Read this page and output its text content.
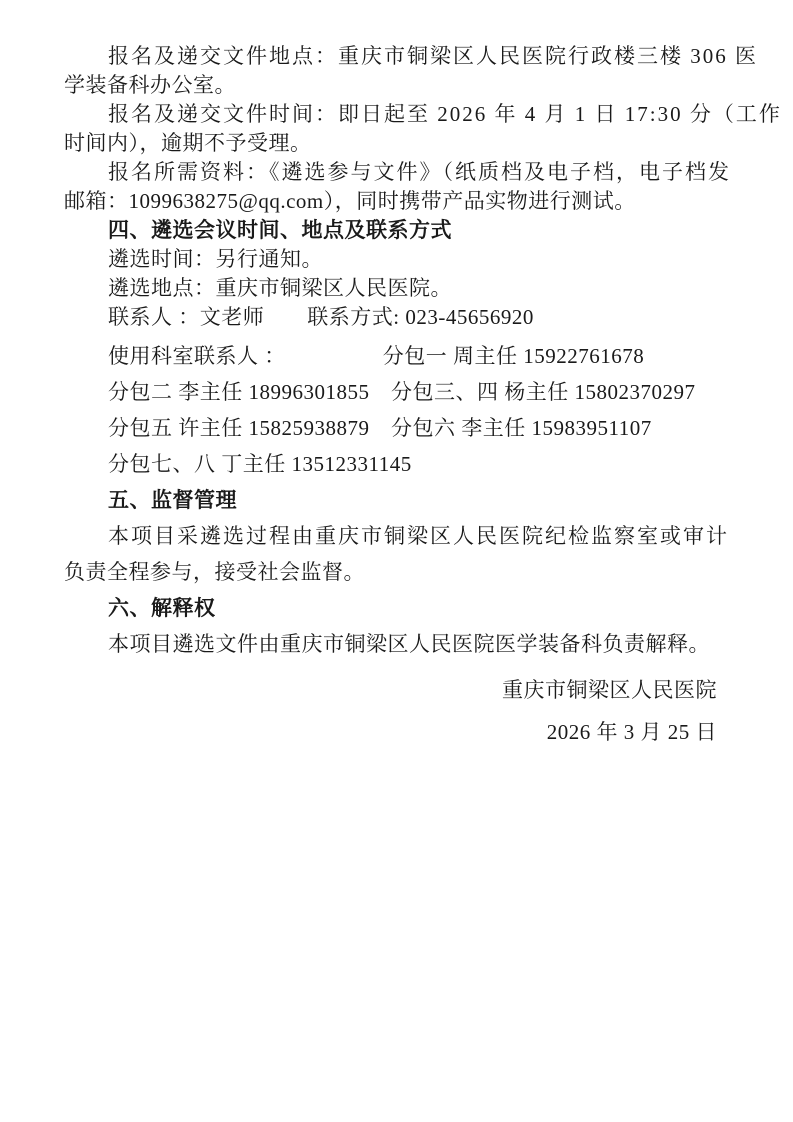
报名及递交文件地点：重庆市铜梁区人民医院行政楼三楼 306 医

学装备科办公室。

报名及递交文件时间：即日起至 2026 年 4 月 1 日 17:30 分（工作

时间内），逾期不予受理。

报名所需资料：《遴选参与文件》（纸质档及电子档，电子档发

邮箱：1099638275@qq.com），同时携带产品实物进行测试。

四、遴选会议时间、地点及联系方式

遴选时间：另行通知。

遴选地点：重庆市铜梁区人民医院。

联系人 ：文老师　　联系方式: 023-45656920

使用科室联系人 ：　　　　　分包一 周主任 15922761678

分包二 李主任 18996301855　分包三、四 杨主任 15802370297

分包五 许主任 15825938879　分包六 李主任 15983951107

分包七、八 丁主任 13512331145

五、监督管理

本项目采遴选过程由重庆市铜梁区人民医院纪检监察室或审计

负责全程参与，接受社会监督。

六、解释权

本项目遴选文件由重庆市铜梁区人民医院医学装备科负责解释。

重庆市铜梁区人民医院

2026 年 3 月 25 日
